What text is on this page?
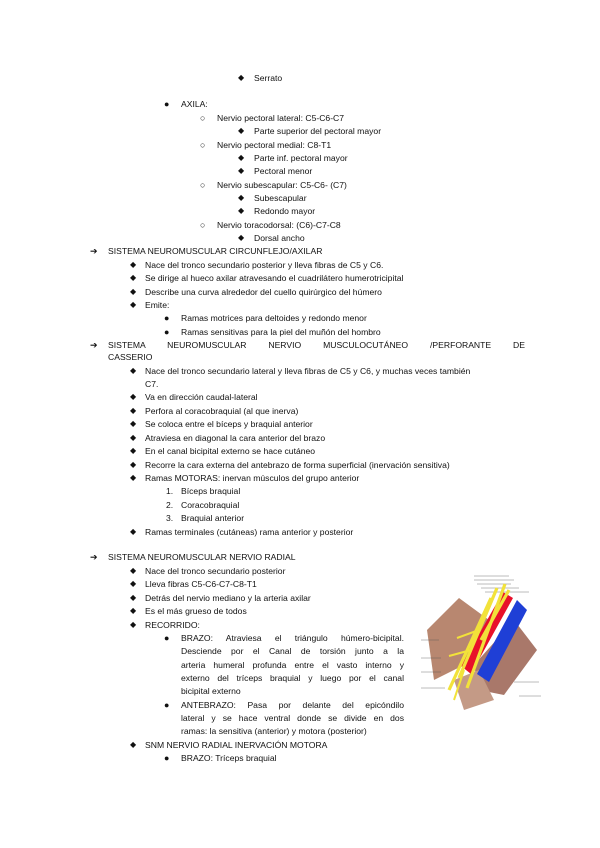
◆ Serrato
● AXILA:
○ Nervio pectoral lateral: C5-C6-C7
◆ Parte superior del pectoral mayor
○ Nervio pectoral medial: C8-T1
◆ Parte inf. pectoral mayor
◆ Pectoral menor
○ Nervio subescapular: C5-C6- (C7)
◆ Subescapular
◆ Redondo mayor
○ Nervio toracodorsal: (C6)-C7-C8
◆ Dorsal ancho
➔ SISTEMA NEUROMUSCULAR CIRCUNFLEJO/AXILAR
◆ Nace del tronco secundario posterior y lleva fibras de C5 y C6.
◆ Se dirige al hueco axilar atravesando el cuadrilátero humerotricipital
◆ Describe una curva alrededor del cuello quirúrgico del húmero
◆ Emite:
● Ramas motrices para deltoides y redondo menor
● Ramas sensitivas para la piel del muñón del hombro
➔ SISTEMA NEUROMUSCULAR NERVIO MUSCULOCUTÁNEO /PERFORANTE DE
CASSERIO
◆ Nace del tronco secundario lateral y lleva fibras de C5 y C6, y muchas veces también
C7.
◆ Va en dirección caudal-lateral
◆ Perfora al coracobraquial (al que inerva)
◆ Se coloca entre el bíceps y braquial anterior
◆ Atraviesa en diagonal la cara anterior del brazo
◆ En el canal bicipital externo se hace cutáneo
◆ Recorre la cara externa del antebrazo de forma superficial (inervación sensitiva)
◆ Ramas MOTORAS: inervan músculos del grupo anterior
1. Bíceps braquial
2. Coracobraquial
3. Braquial anterior
◆ Ramas terminales (cutáneas) rama anterior y posterior
➔ SISTEMA NEUROMUSCULAR NERVIO RADIAL
◆ Nace del tronco secundario posterior
◆ Lleva fibras C5-C6-C7-C8-T1
◆ Detrás del nervio mediano y la arteria axilar
◆ Es el más grueso de todos
◆ RECORRIDO:
● BRAZO: Atraviesa el triángulo húmero-bicipital.
Desciende por el Canal de torsión junto a la
arteria humeral profunda entre el vasto interno y
externo del tríceps braquial y luego por el canal
bicipital externo
● ANTEBRAZO: Pasa por delante del epicóndilo
lateral y se hace ventral donde se divide en dos
ramas: la sensitiva (anterior) y motora (posterior)
◆ SNM NERVIO RADIAL INERVACIÓN MOTORA
● BRAZO: Tríceps braquial
